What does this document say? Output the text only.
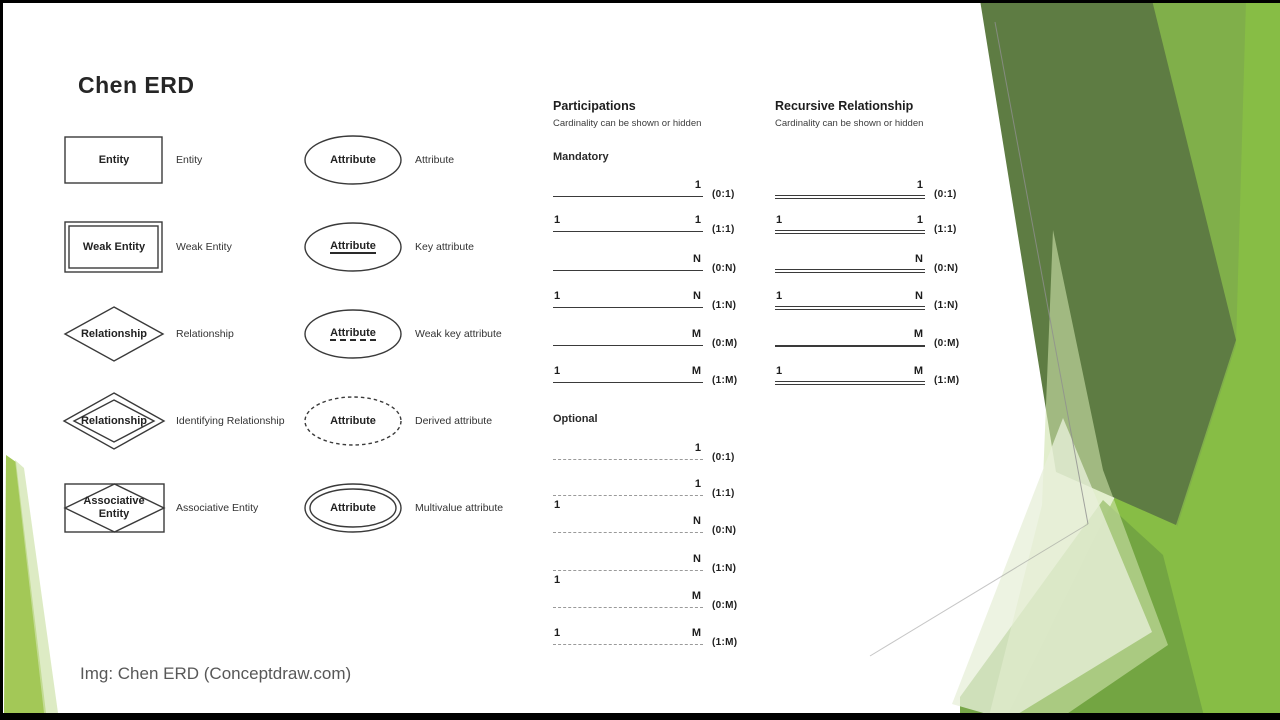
Chen ERD
Entity	Entity
Weak Entity	Weak Entity
Relationship	Relationship
Relationship	Identifying Relationship
Associative Entity	Associative Entity
Attribute	Attribute
Attribute	Key attribute
Attribute	Weak key attribute
Attribute	Derived attribute
Attribute	Multivalue attribute
Participations
Cardinality can be shown or hidden
Mandatory
Optional
1
(0:1)
1	1
(1:1)
N
(0:N)
1	N
(1:N)
M
(0:M)
1	M
(1:M)
1
(0:1)
1
1
(1:1)
N
(0:N)
1
N
(1:N)
M
(0:M)
1	M
(1:M)
Recursive Relationship
Cardinality can be shown or hidden
1
(0:1)
1	1
(1:1)
N
(0:N)
1	N
(1:N)
M
(0:M)
1	M
(1:M)
Img: Chen ERD (Conceptdraw.com)
